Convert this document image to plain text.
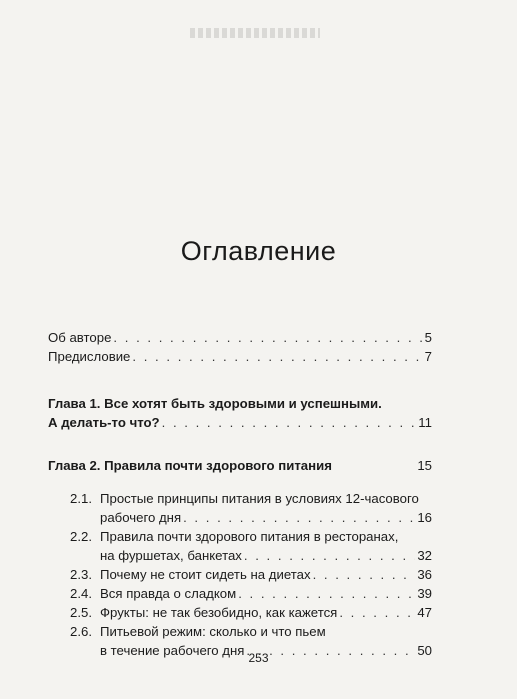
Оглавление
Об авторе . . .	5
Предисловие . . .	7
Глава 1. Все хотят быть здоровыми и успешными.
А делать-то что? . . .	11
Глава 2. Правила почти здорового питания	15
2.1. Простые принципы питания в условиях 12-часового
рабочего дня . . .	16
2.2. Правила почти здорового питания в ресторанах,
на фуршетах, банкетах . . .	32
2.3. Почему не стоит сидеть на диетах . . .	36
2.4. Вся правда о сладком . . .	39
2.5. Фрукты: не так безобидно, как кажется . . .	47
2.6. Питьевой режим: сколько и что пьем
в течение рабочего дня . . .	50
253
